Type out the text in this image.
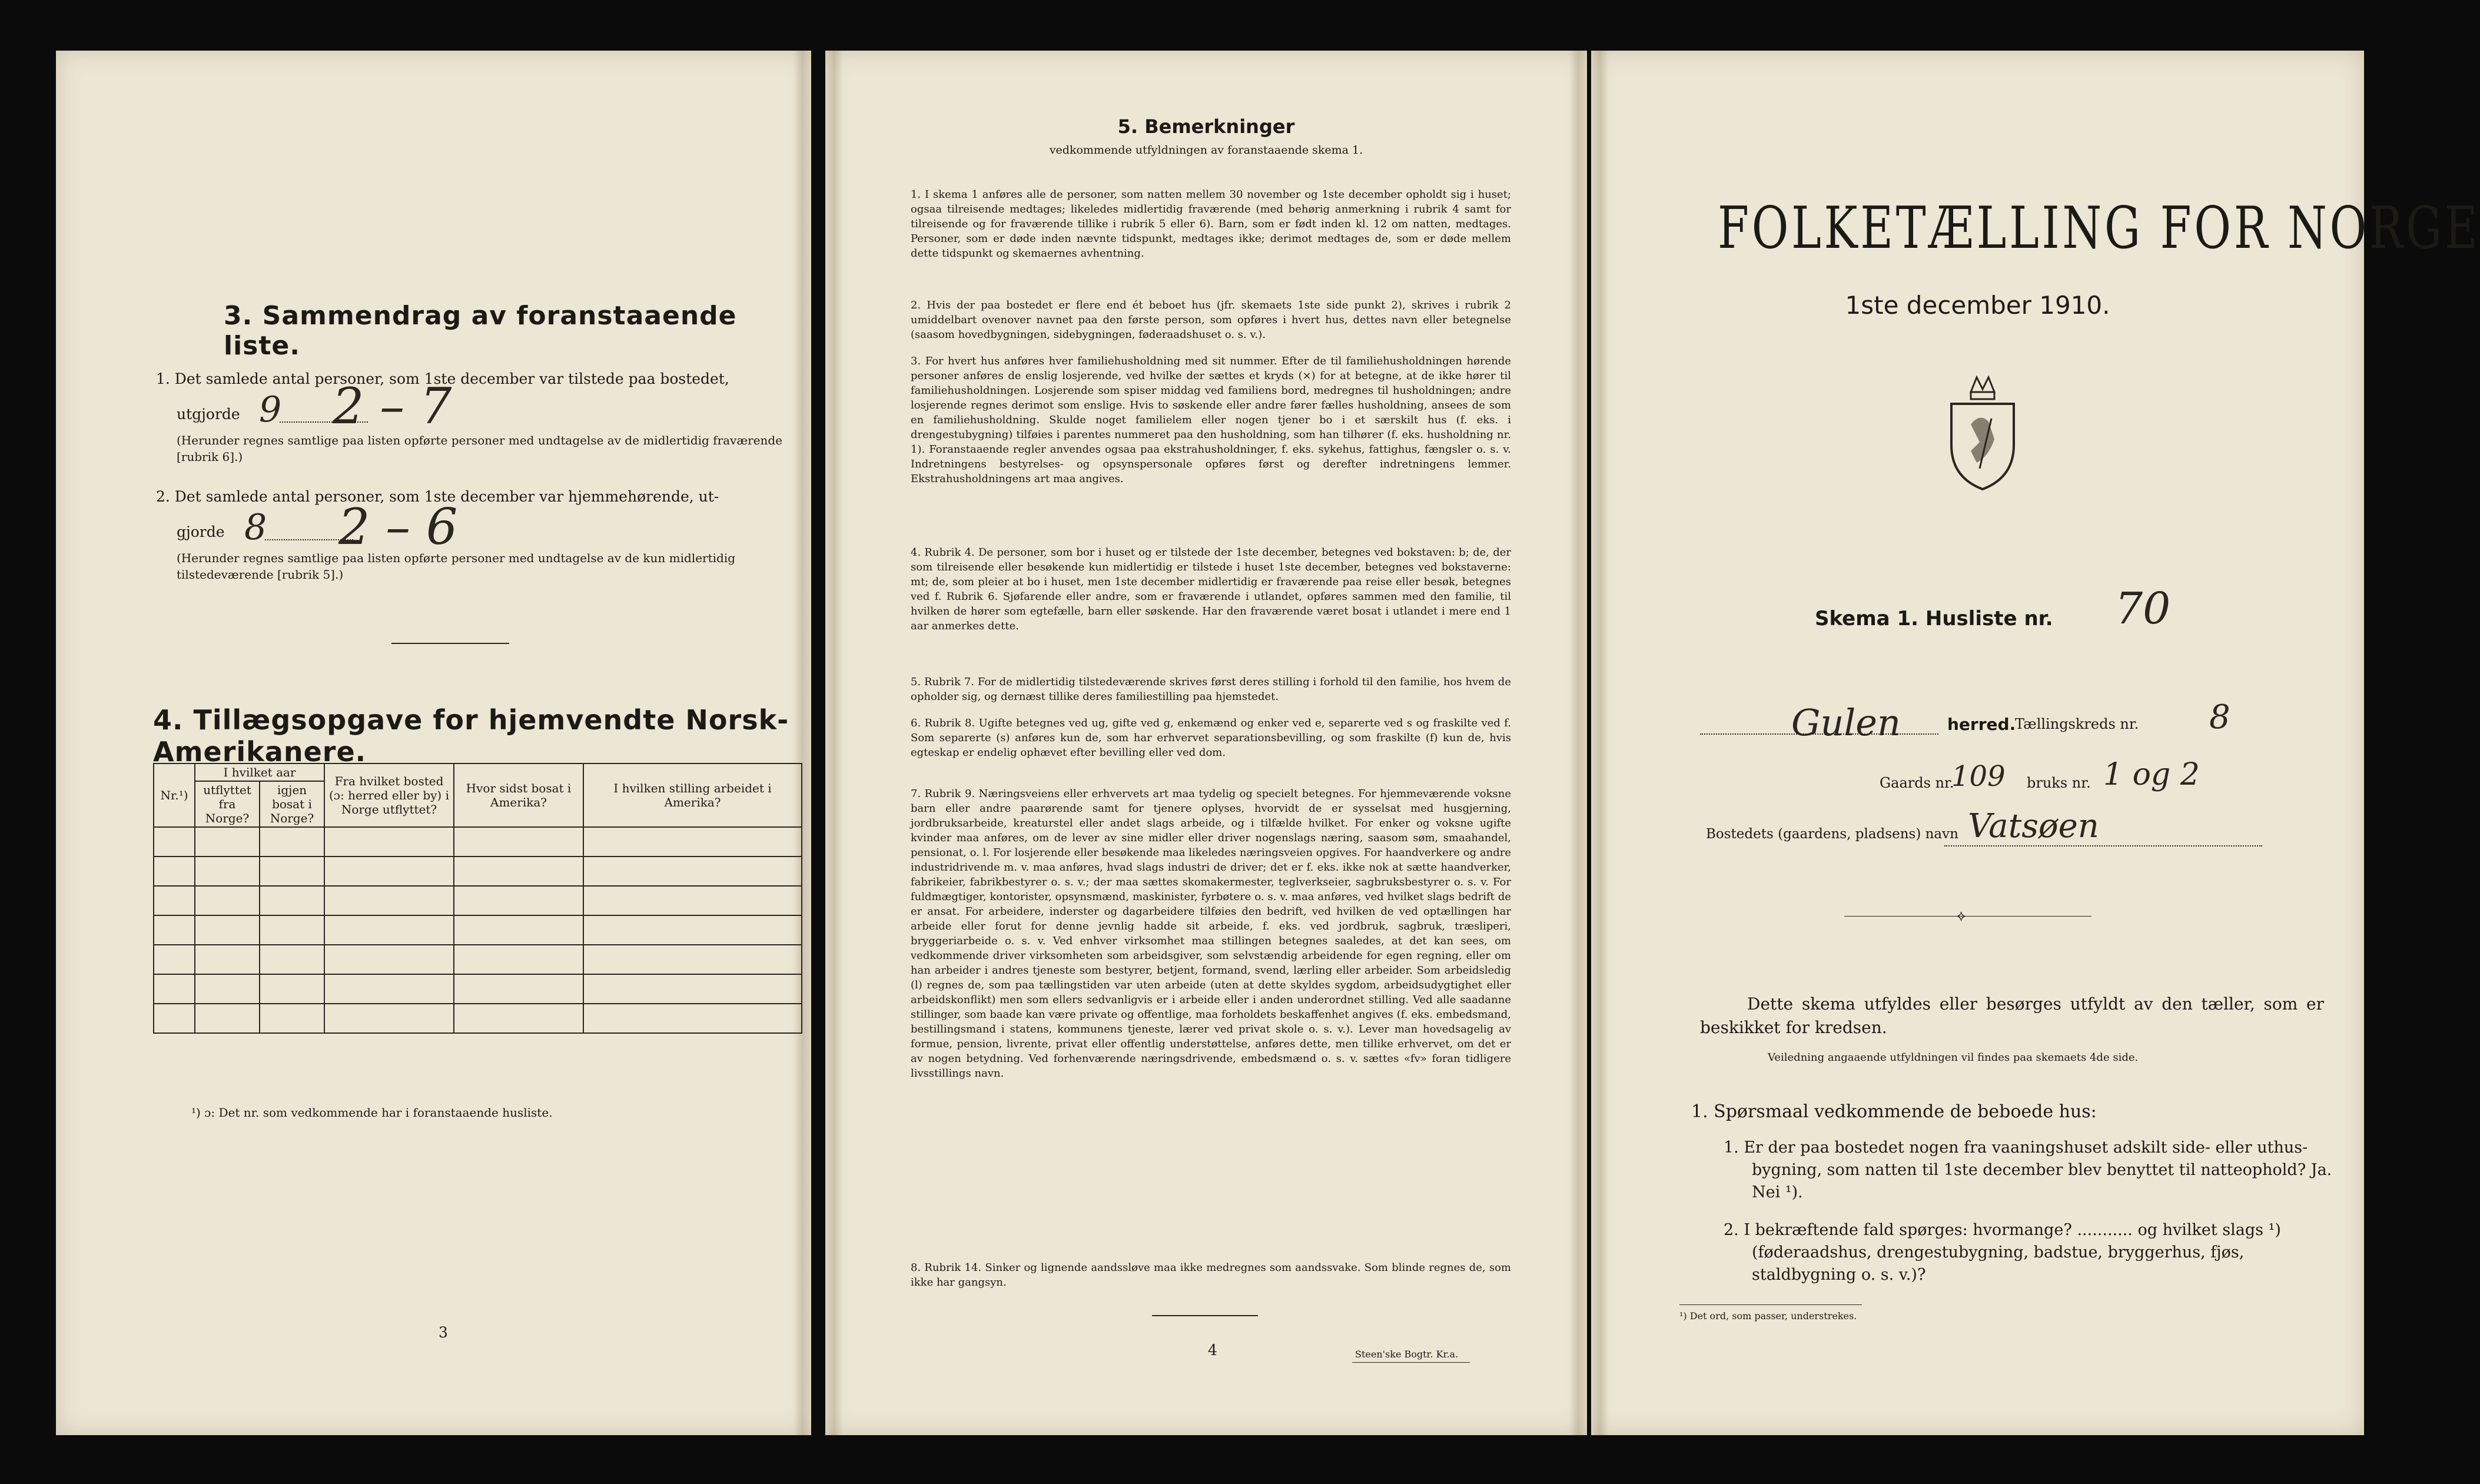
3. Sammendrag av foranstaaende liste.
1. Det samlede antal personer, som 1ste december var tilstede paa bostedet,
utgjorde 9 2 – 7
(Herunder regnes samtlige paa listen opførte personer med undtagelse av de midlertidig fraværende [rubrik 6].)
2. Det samlede antal personer, som 1ste december var hjemmehørende, ut-
gjorde 8 2 – 6
(Herunder regnes samtlige paa listen opførte personer med undtagelse av de kun midlertidig tilstedeværende [rubrik 5].)
4. Tillægsopgave for hjemvendte Norsk-Amerikanere.
Nr.¹)	I hvilket aar		Fra hvilket bosted (ɔ: herred eller by) i Norge utflyttet?	Hvor sidst bosat i Amerika?	I hvilken stilling arbeidet i Amerika?
	utflyttet fra Norge?	igjen bosat i Norge?			

¹) ɔ: Det nr. som vedkommende har i foranstaaende husliste.
3
5. Bemerkninger
vedkommende utfyldningen av foranstaaende skema 1.
1. I skema 1 anføres alle de personer, som natten mellem 30 november og 1ste december opholdt sig i huset; ogsaa tilreisende medtages; likeledes midlertidig fraværende (med behørig anmerkning i rubrik 4 samt for tilreisende og for fraværende tillike i rubrik 5 eller 6). Barn, som er født inden kl. 12 om natten, medtages. Personer, som er døde inden nævnte tidspunkt, medtages ikke; derimot medtages de, som er døde mellem dette tidspunkt og skemaernes avhentning.
2. Hvis der paa bostedet er flere end ét beboet hus (jfr. skemaets 1ste side punkt 2), skrives i rubrik 2 umiddelbart ovenover navnet paa den første person, som opføres i hvert hus, dettes navn eller betegnelse (saasom hovedbygningen, sidebygningen, føderaadshuset o. s. v.).
3. For hvert hus anføres hver familiehusholdning med sit nummer. Efter de til familiehusholdningen hørende personer anføres de enslig losjerende, ved hvilke der sættes et kryds (×) for at betegne, at de ikke hører til familiehusholdningen. Losjerende som spiser middag ved familiens bord, medregnes til husholdningen; andre losjerende regnes derimot som enslige. Hvis to søskende eller andre fører fælles husholdning, ansees de som en familiehusholdning. Skulde noget familielem eller nogen tjener bo i et særskilt hus (f. eks. i drengestubygning) tilføies i parentes nummeret paa den husholdning, som han tilhører (f. eks. husholdning nr. 1). Foranstaaende regler anvendes ogsaa paa ekstrahusholdninger, f. eks. sykehus, fattighus, fængsler o. s. v. Indretningens bestyrelses- og opsynspersonale opføres først og derefter indretningens lemmer. Ekstrahusholdningens art maa angives.
4. Rubrik 4. De personer, som bor i huset og er tilstede der 1ste december, betegnes ved bokstaven: b; de, der som tilreisende eller besøkende kun midlertidig er tilstede i huset 1ste december, betegnes ved bokstaverne: mt; de, som pleier at bo i huset, men 1ste december midlertidig er fraværende paa reise eller besøk, betegnes ved f. Rubrik 6. Sjøfarende eller andre, som er fraværende i utlandet, opføres sammen med den familie, til hvilken de hører som egtefælle, barn eller søskende. Har den fraværende været bosat i utlandet i mere end 1 aar anmerkes dette.
5. Rubrik 7. For de midlertidig tilstedeværende skrives først deres stilling i forhold til den familie, hos hvem de opholder sig, og dernæst tillike deres familiestilling paa hjemstedet.
6. Rubrik 8. Ugifte betegnes ved ug, gifte ved g, enkemænd og enker ved e, separerte ved s og fraskilte ved f. Som separerte (s) anføres kun de, som har erhvervet separationsbevilling, og som fraskilte (f) kun de, hvis egteskap er endelig ophævet efter bevilling eller ved dom.
7. Rubrik 9. Næringsveiens eller erhvervets art maa tydelig og specielt betegnes. For hjemmeværende voksne barn eller andre paarørende samt for tjenere oplyses, hvorvidt de er sysselsat med husgjerning, jordbruksarbeide, kreaturstel eller andet slags arbeide, og i tilfælde hvilket. For enker og voksne ugifte kvinder maa anføres, om de lever av sine midler eller driver nogenslags næring, saasom søm, smaahandel, pensionat, o. l. For losjerende eller besøkende maa likeledes næringsveien opgives. For haandverkere og andre industridrivende m. v. maa anføres, hvad slags industri de driver; det er f. eks. ikke nok at sætte haandverker, fabrikeier, fabrikbestyrer o. s. v.; der maa sættes skomakermester, teglverkseier, sagbruksbestyrer o. s. v. For fuldmægtiger, kontorister, opsynsmænd, maskinister, fyrbøtere o. s. v. maa anføres, ved hvilket slags bedrift de er ansat. For arbeidere, inderster og dagarbeidere tilføies den bedrift, ved hvilken de ved optællingen har arbeide eller forut for denne jevnlig hadde sit arbeide, f. eks. ved jordbruk, sagbruk, træsliperi, bryggeriarbeide o. s. v. Ved enhver virksomhet maa stillingen betegnes saaledes, at det kan sees, om vedkommende driver virksomheten som arbeidsgiver, som selvstændig arbeidende for egen regning, eller om han arbeider i andres tjeneste som bestyrer, betjent, formand, svend, lærling eller arbeider. Som arbeidsledig (l) regnes de, som paa tællingstiden var uten arbeide (uten at dette skyldes sygdom, arbeidsudygtighet eller arbeidskonflikt) men som ellers sedvanligvis er i arbeide eller i anden underordnet stilling. Ved alle saadanne stillinger, som baade kan være private og offentlige, maa forholdets beskaffenhet angives (f. eks. embedsmand, bestillingsmand i statens, kommunens tjeneste, lærer ved privat skole o. s. v.). Lever man hovedsagelig av formue, pension, livrente, privat eller offentlig understøttelse, anføres dette, men tillike erhvervet, om det er av nogen betydning. Ved forhenværende næringsdrivende, embedsmænd o. s. v. sættes «fv» foran tidligere livsstillings navn.
8. Rubrik 14. Sinker og lignende aandssløve maa ikke medregnes som aandssvake. Som blinde regnes de, som ikke har gangsyn.
4	Steen'ske Bogtr. Kr.a.
FOLKETÆLLING FOR NORGE
1ste december 1910.
Skema 1. Husliste nr. 70
Gulen	herred.
Tællingskreds nr. 8
Gaards nr.
109 bruks nr. 1 og 2
Bostedets (gaardens, pladsens) navn Vatsøen
⟡
Dette skema utfyldes eller besørges utfyldt av den tæller, som er beskikket for kredsen.
Veiledning angaaende utfyldningen vil findes paa skemaets 4de side.
1. Spørsmaal vedkommende de beboede hus:
1. Er der paa bostedet nogen fra vaaningshuset adskilt side- eller uthus-bygning, som natten til 1ste december blev benyttet til natteophold? Ja. Nei ¹).
2. I bekræftende fald spørges: hvormange? ........... og hvilket slags ¹) (føderaadshus, drengestubygning, badstue, bryggerhus, fjøs, staldbygning o. s. v.)?
¹) Det ord, som passer, understrekes.
